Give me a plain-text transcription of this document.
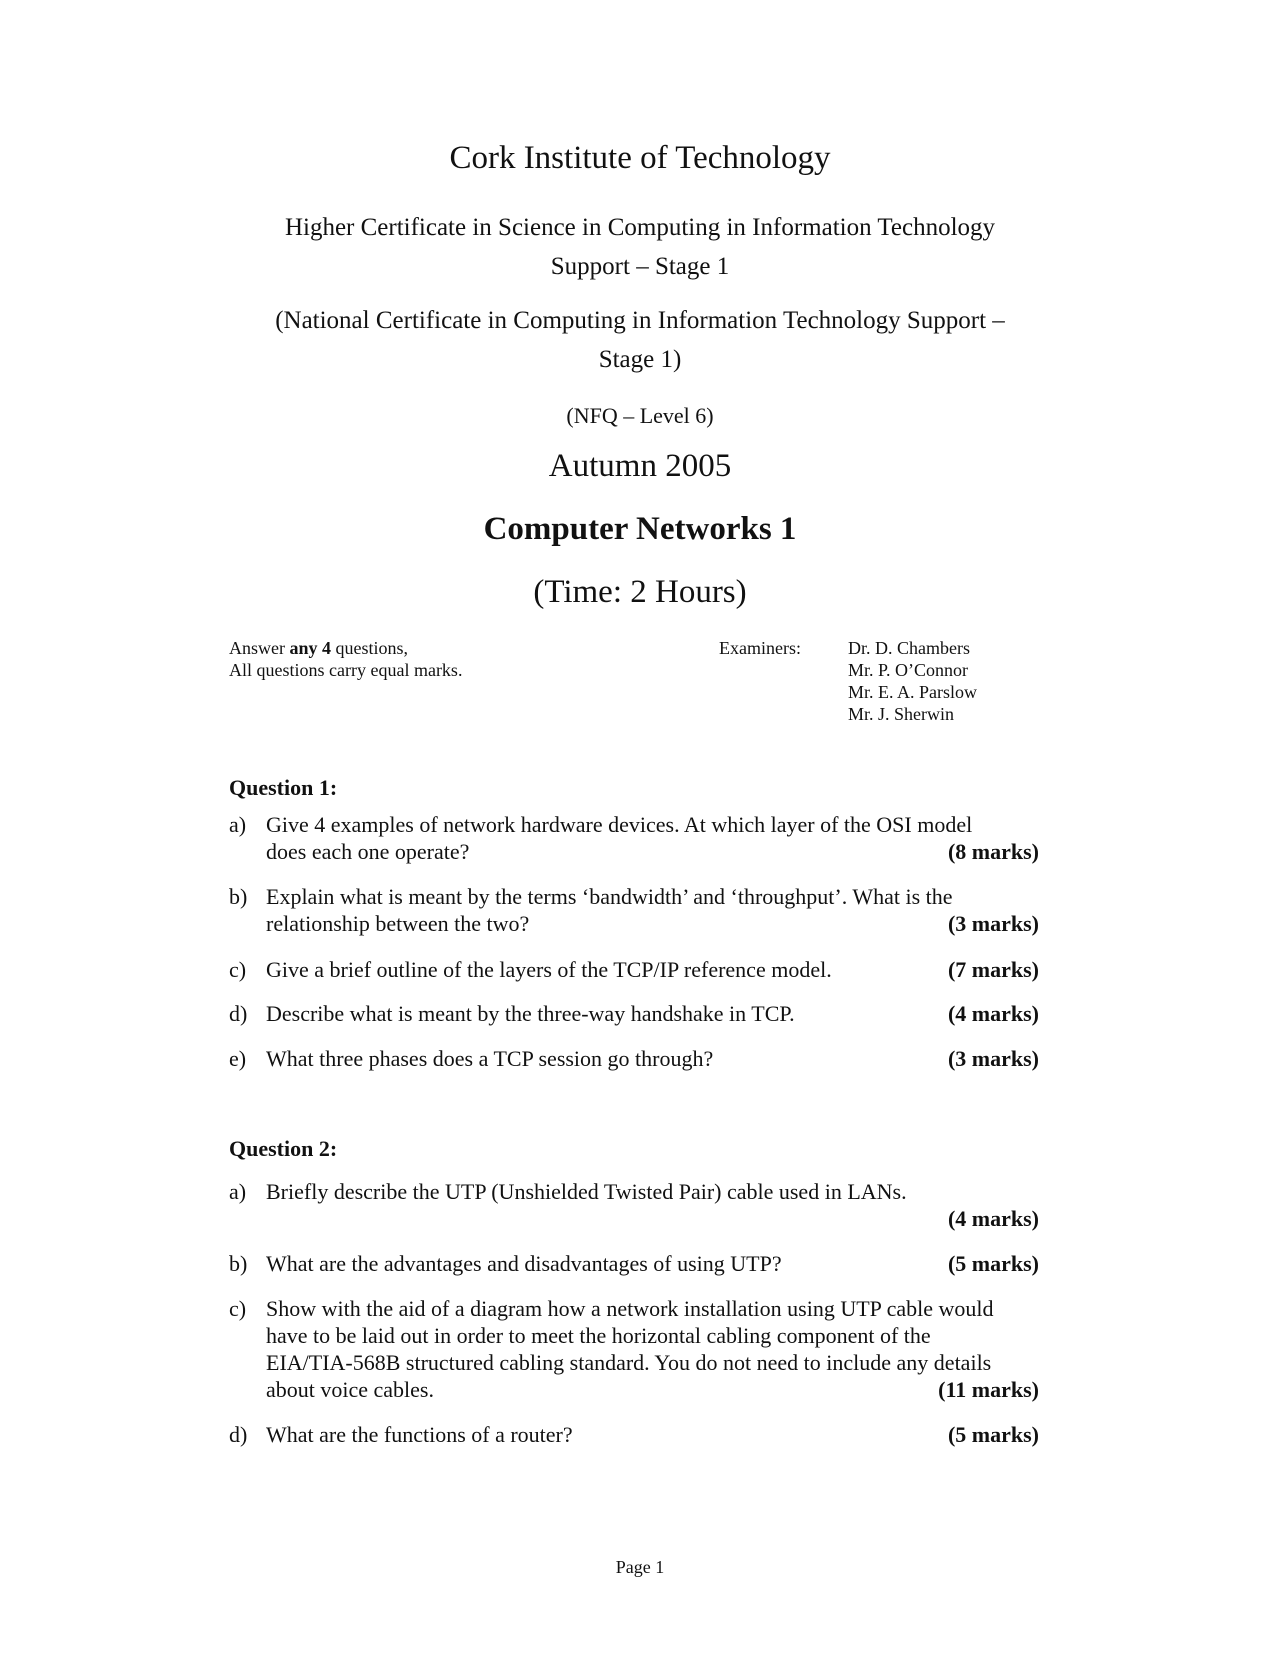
Cork Institute of Technology
Higher Certificate in Science in Computing in Information Technology
Support – Stage 1
(National Certificate in Computing in Information Technology Support –
Stage 1)
(NFQ – Level 6)
Autumn 2005
Computer Networks 1
(Time: 2 Hours)
Answer any 4 questions,
All questions carry equal marks.
Examiners:	Dr. D. Chambers
Mr. P. O’Connor
Mr. E. A. Parslow
Mr. J. Sherwin
Question 1:
a) Give 4 examples of network hardware devices. At which layer of the OSI model
does each one operate?	(8 marks)
b) Explain what is meant by the terms ‘bandwidth’ and ‘throughput’. What is the
relationship between the two?	(3 marks)
c) Give a brief outline of the layers of the TCP/IP reference model.	(7 marks)
d) Describe what is meant by the three-way handshake in TCP.	(4 marks)
e) What three phases does a TCP session go through?	(3 marks)
Question 2:
a) Briefly describe the UTP (Unshielded Twisted Pair) cable used in LANs.
(4 marks)
b) What are the advantages and disadvantages of using UTP?	(5 marks)
c) Show with the aid of a diagram how a network installation using UTP cable would
have to be laid out in order to meet the horizontal cabling component of the
EIA/TIA-568B structured cabling standard. You do not need to include any details
about voice cables.	(11 marks)
d) What are the functions of a router?	(5 marks)
Page 1
